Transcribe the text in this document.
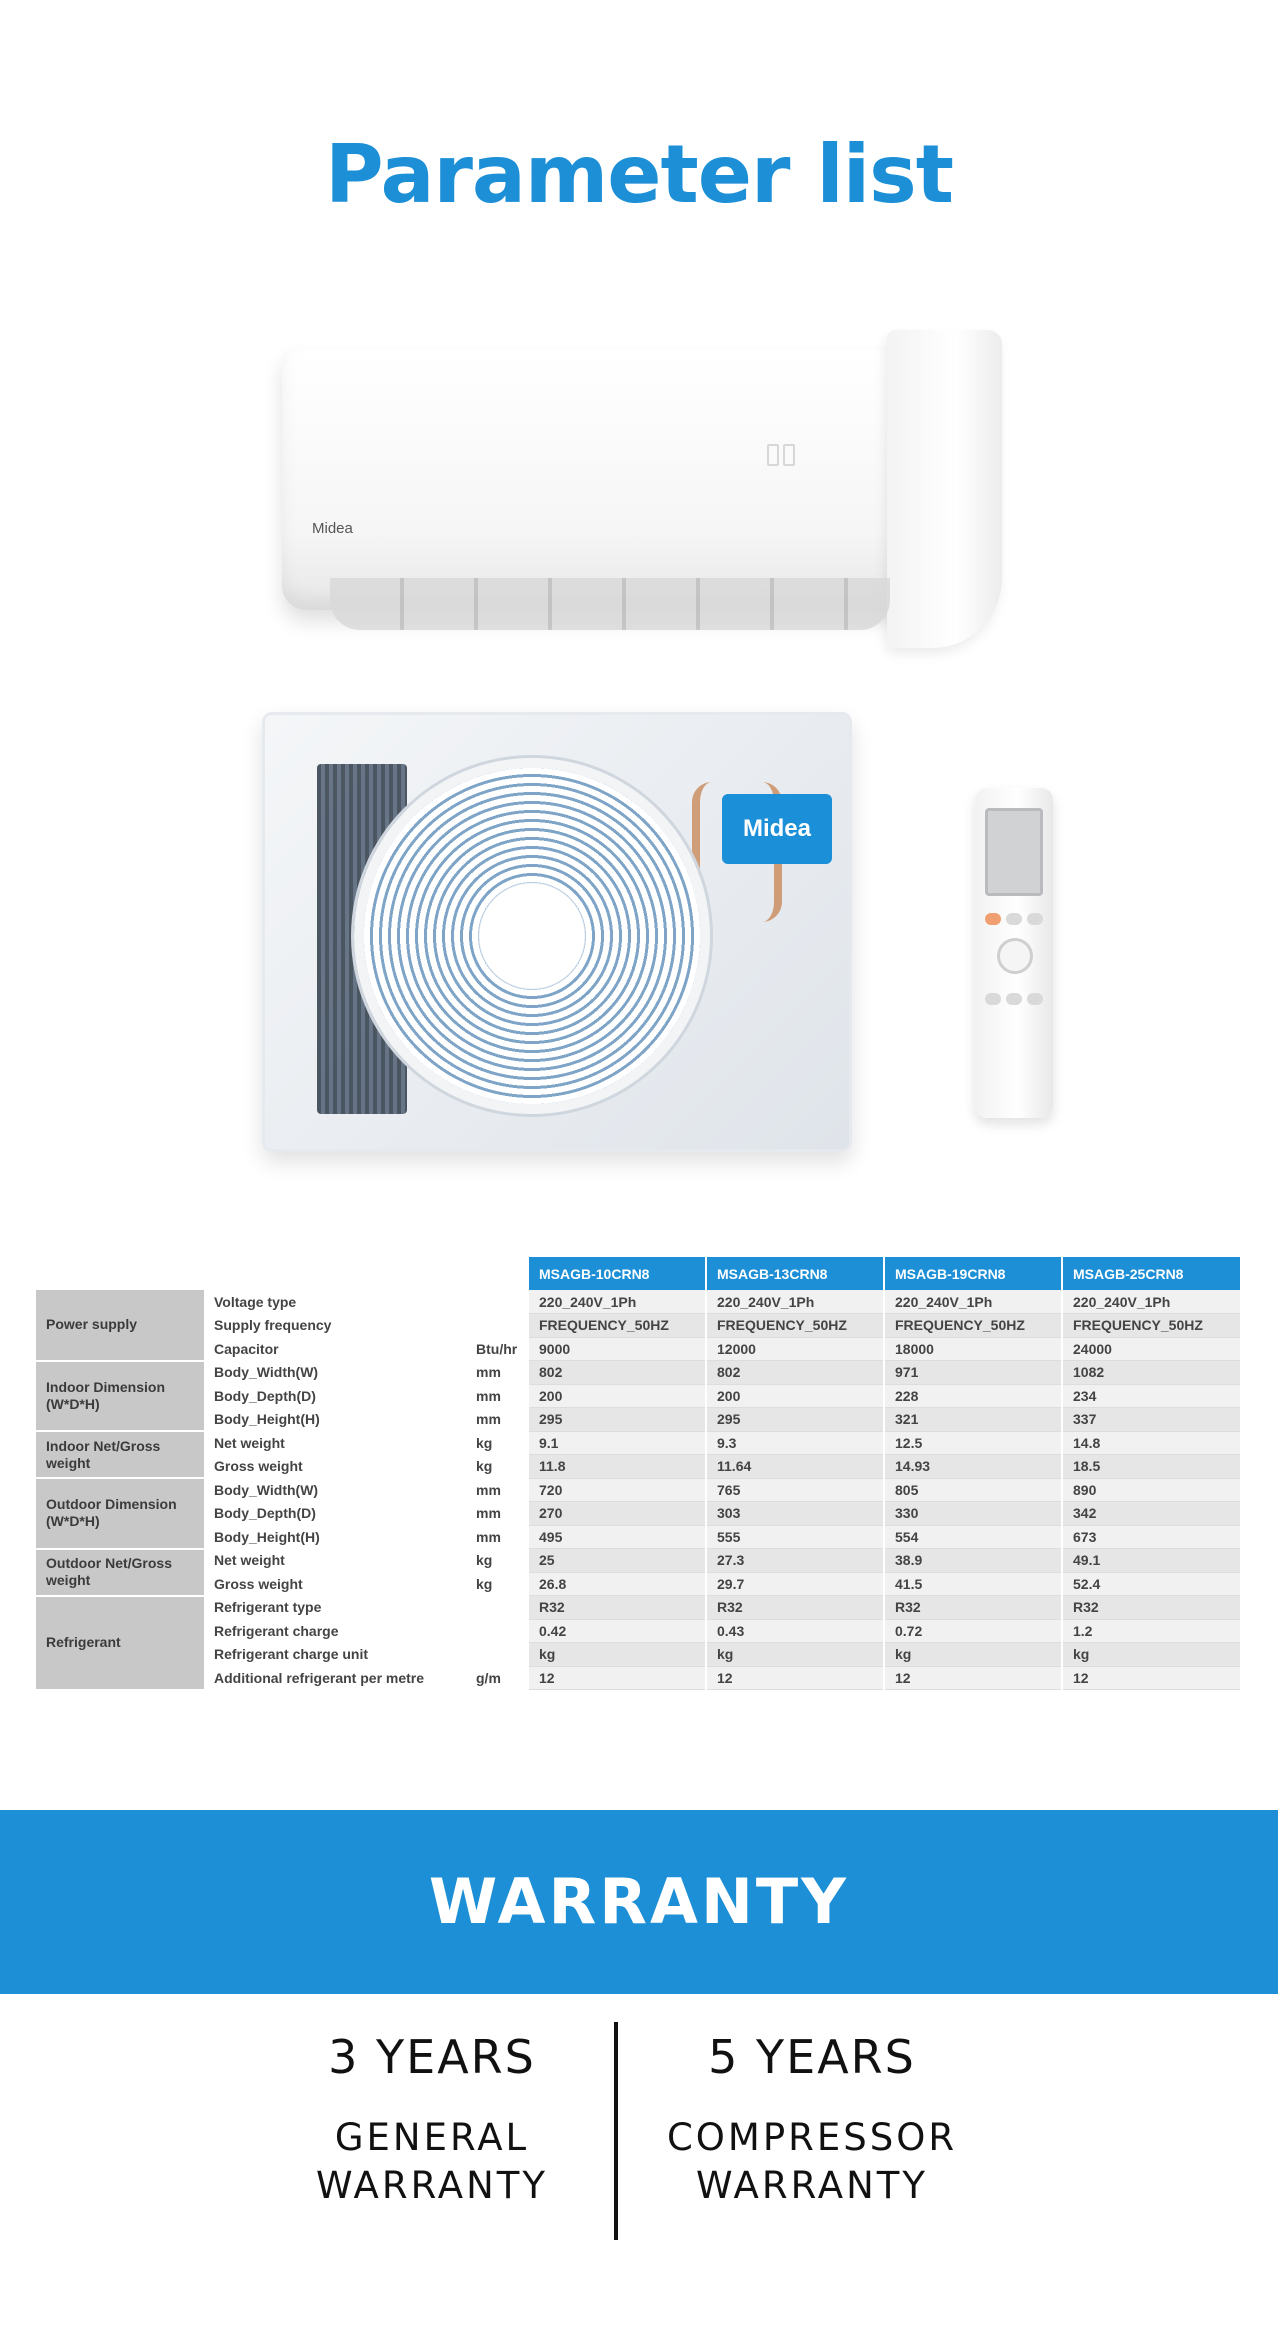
Parameter list
Midea
Midea
			MSAGB-10CRN8	MSAGB-13CRN8	MSAGB-19CRN8	MSAGB-25CRN8
Power supply	Voltage type		220_240V_1Ph	220_240V_1Ph	220_240V_1Ph	220_240V_1Ph
	Supply frequency		FREQUENCY_50HZ	FREQUENCY_50HZ	FREQUENCY_50HZ	FREQUENCY_50HZ
	Capacitor	Btu/hr	9000	12000	18000	24000
Indoor Dimension (W*D*H)	Body_Width(W)	mm	802	802	971	1082
	Body_Depth(D)	mm	200	200	228	234
	Body_Height(H)	mm	295	295	321	337
Indoor Net/Gross weight	Net weight	kg	9.1	9.3	12.5	14.8
	Gross weight	kg	11.8	11.64	14.93	18.5
Outdoor Dimension (W*D*H)	Body_Width(W)	mm	720	765	805	890
	Body_Depth(D)	mm	270	303	330	342
	Body_Height(H)	mm	495	555	554	673
Outdoor Net/Gross weight	Net weight	kg	25	27.3	38.9	49.1
	Gross weight	kg	26.8	29.7	41.5	52.4
Refrigerant	Refrigerant type		R32	R32	R32	R32
	Refrigerant charge		0.42	0.43	0.72	1.2
	Refrigerant charge unit		kg	kg	kg	kg
	Additional refrigerant per metre	g/m	12	12	12	12
WARRANTY
3 YEARS
GENERAL
WARRANTY
5 YEARS
COMPRESSOR
WARRANTY
